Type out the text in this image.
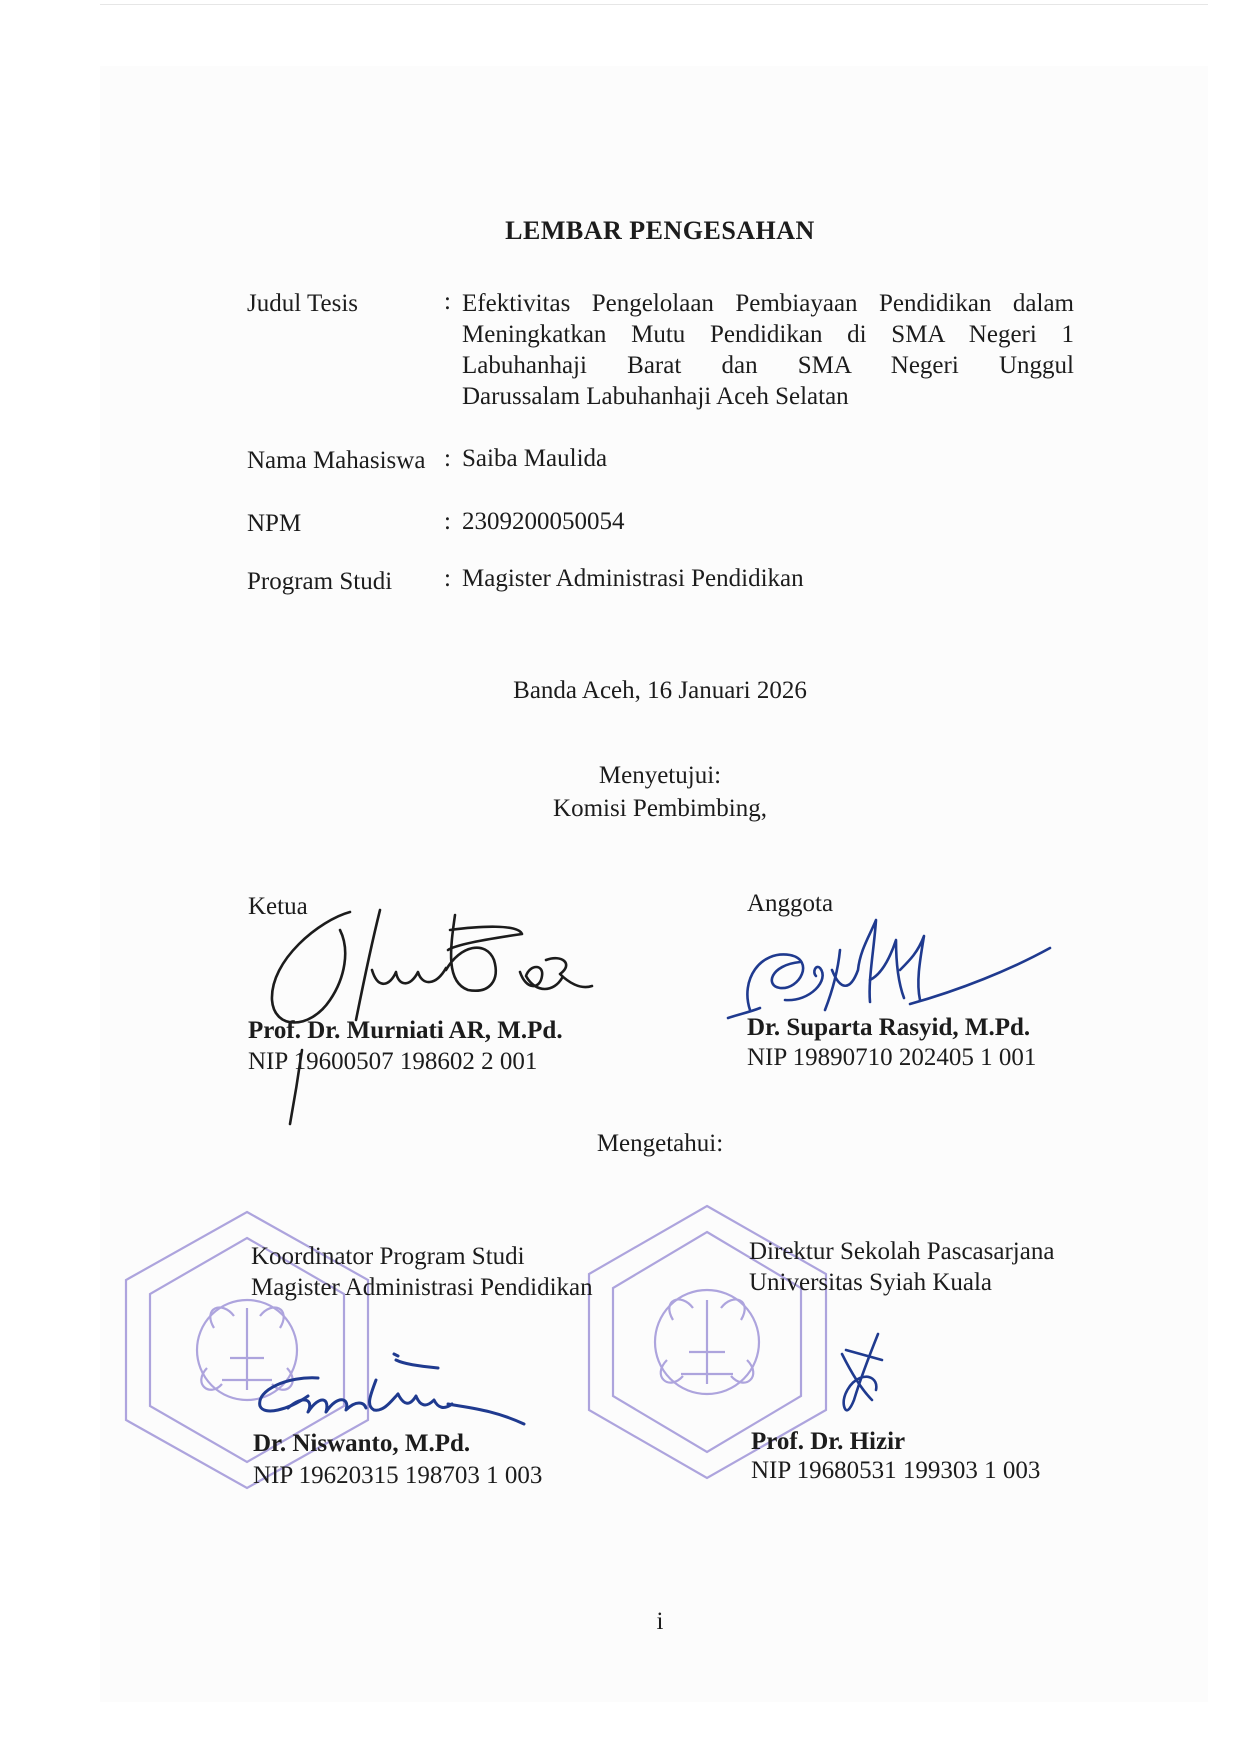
LEMBAR PENGESAHAN
Judul Tesis	: Efektivitas Pengelolaan Pembiayaan Pendidikan dalam
Meningkatkan Mutu Pendidikan di SMA Negeri 1
Labuhanhaji Barat dan SMA Negeri Unggul
Darussalam Labuhanhaji Aceh Selatan
Nama Mahasiswa : Saiba Maulida
NPM	: 2309200050054
Program Studi : Magister Administrasi Pendidikan
Banda Aceh, 16 Januari 2026
Menyetujui:
Komisi Pembimbing,
Ketua
Prof. Dr. Murniati AR, M.Pd.
NIP 19600507 198602 2 001
Anggota
Dr. Suparta Rasyid, M.Pd.
NIP 19890710 202405 1 001
Mengetahui:
Koordinator Program Studi
Magister Administrasi Pendidikan
Dr. Niswanto, M.Pd.
NIP 19620315 198703 1 003
Direktur Sekolah Pascasarjana
Universitas Syiah Kuala
Prof. Dr. Hizir
NIP 19680531 199303 1 003
i
